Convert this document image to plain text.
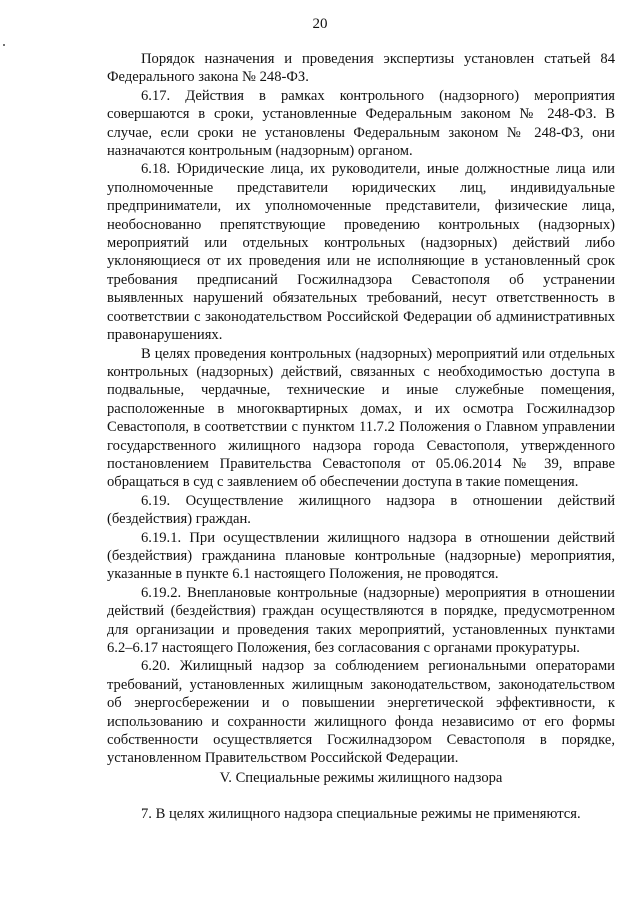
20

Порядок назначения и проведения экспертизы установлен статьей 84 Федерального закона № 248-ФЗ.

6.17. Действия в рамках контрольного (надзорного) мероприятия совершаются в сроки, установленные Федеральным законом № 248-ФЗ. В случае, если сроки не установлены Федеральным законом № 248-ФЗ, они назначаются контрольным (надзорным) органом.

6.18. Юридические лица, их руководители, иные должностные лица или уполномоченные представители юридических лиц, индивидуальные предприниматели, их уполномоченные представители, физические лица, необоснованно препятствующие проведению контрольных (надзорных) мероприятий или отдельных контрольных (надзорных) действий либо уклоняющиеся от их проведения или не исполняющие в установленный срок требования предписаний Госжилнадзора Севастополя об устранении выявленных нарушений обязательных требований, несут ответственность в соответствии с законодательством Российской Федерации об административных правонарушениях.

В целях проведения контрольных (надзорных) мероприятий или отдельных контрольных (надзорных) действий, связанных с необходимостью доступа в подвальные, чердачные, технические и иные служебные помещения, расположенные в многоквартирных домах, и их осмотра Госжилнадзор Севастополя, в соответствии с пунктом 11.7.2 Положения о Главном управлении государственного жилищного надзора города Севастополя, утвержденного постановлением Правительства Севастополя от 05.06.2014 № 39, вправе обращаться в суд с заявлением об обеспечении доступа в такие помещения.

6.19. Осуществление жилищного надзора в отношении действий (бездействия) граждан.

6.19.1. При осуществлении жилищного надзора в отношении действий (бездействия) гражданина плановые контрольные (надзорные) мероприятия, указанные в пункте 6.1 настоящего Положения, не проводятся.

6.19.2. Внеплановые контрольные (надзорные) мероприятия в отношении действий (бездействия) граждан осуществляются в порядке, предусмотренном для организации и проведения таких мероприятий, установленных пунктами 6.2–6.17 настоящего Положения, без согласования с органами прокуратуры.

6.20. Жилищный надзор за соблюдением региональными операторами требований, установленных жилищным законодательством, законодательством об энергосбережении и о повышении энергетической эффективности, к использованию и сохранности жилищного фонда независимо от его формы собственности осуществляется Госжилнадзором Севастополя в порядке, установленном Правительством Российской Федерации.

V. Специальные режимы жилищного надзора

7. В целях жилищного надзора специальные режимы не применяются.
